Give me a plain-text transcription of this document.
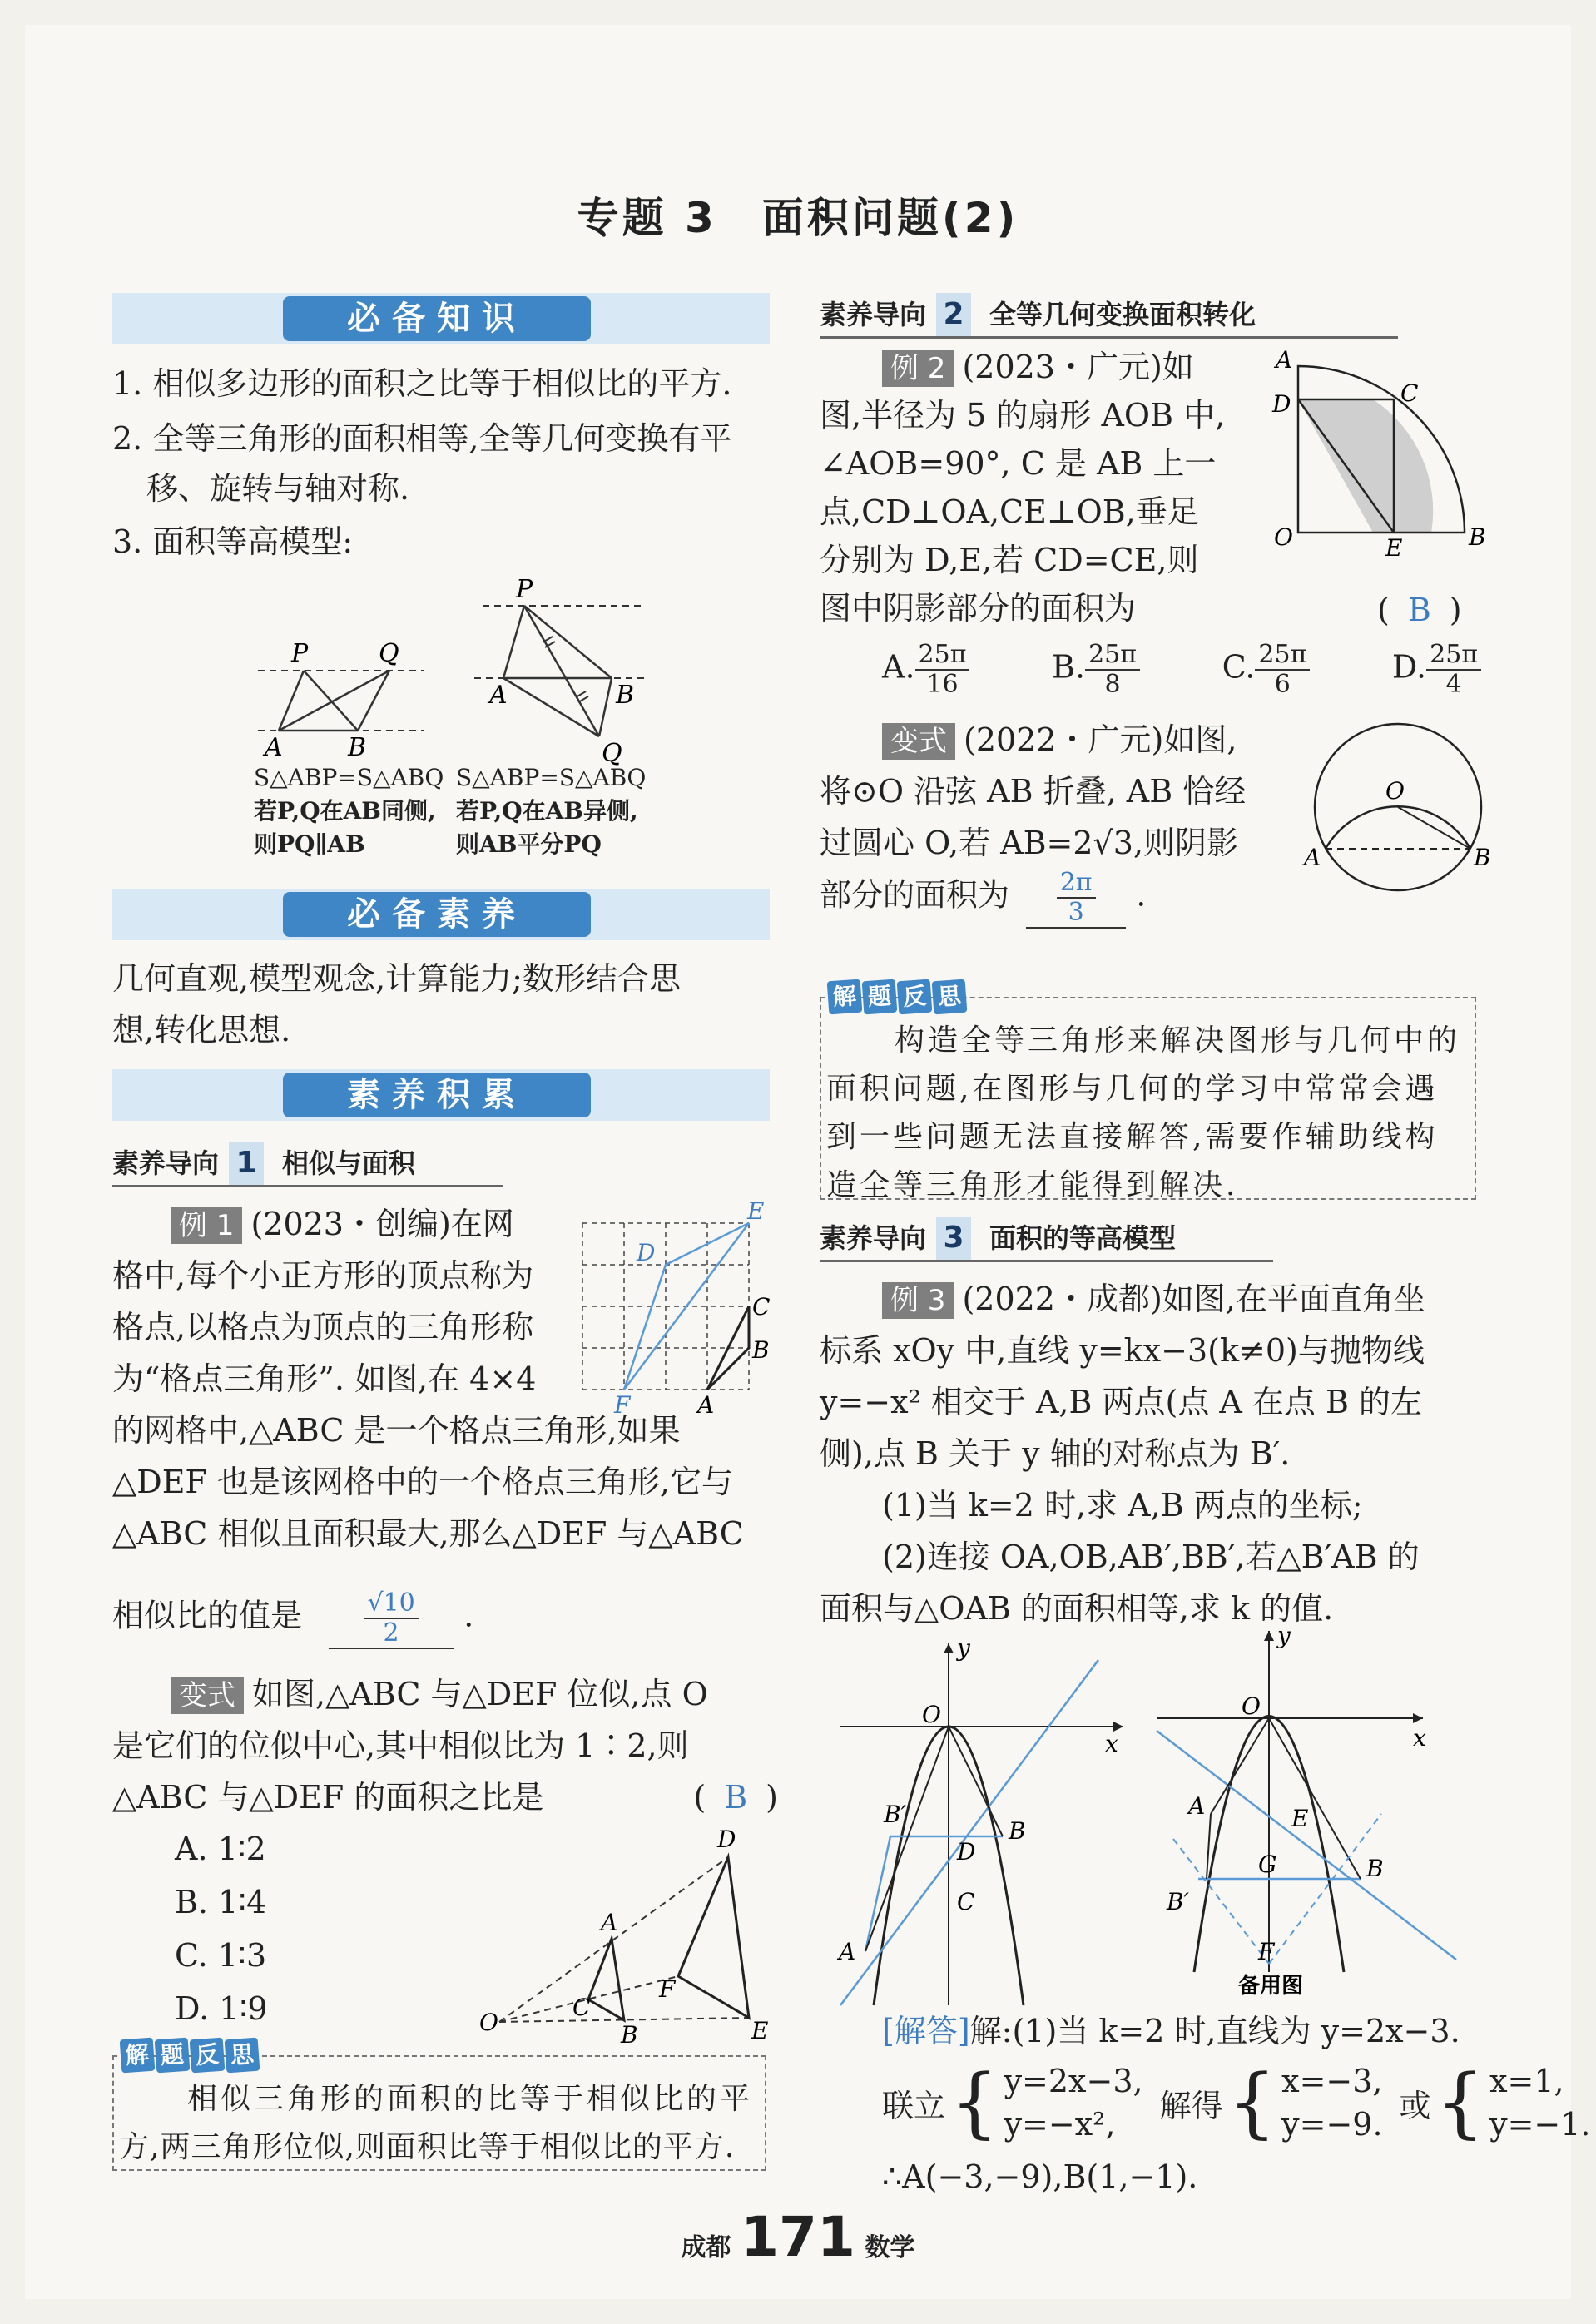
专题 3　面积问题(2)
必备知识
1. 相似多边形的面积之比等于相似比的平方.
2. 全等三角形的面积相等,全等几何变换有平
移、旋转与轴对称.
3. 面积等高模型:
P	Q
A	B
P
A	B
Q
S△ABP=S△ABQ
若P,Q在AB同侧,
则PQ∥AB
S△ABP=S△ABQ
若P,Q在AB异侧,
则AB平分PQ
必备素养
几何直观,模型观念,计算能力;数形结合思
想,转化思想.
素养积累
素养导向 1 相似与面积
例 1 (2023・创编)在网
格中,每个小正方形的顶点称为
格点,以格点为顶点的三角形称
为“格点三角形”. 如图,在 4×4
的网格中,△ABC 是一个格点三角形,如果
△DEF 也是该网格中的一个格点三角形,它与
△ABC 相似且面积最大,那么△DEF 与△ABC
相似比的值是 $\frac{√10}{2}$ .
D
E
C
B
F	A
变式 如图,△ABC 与△DEF 位似,点 O
是它们的位似中心,其中相似比为 1∶2,则
△ABC 与△DEF 的面积之比是	( B )
A. 1∶2
B. 1∶4
C. 1∶3
D. 1∶9
D
E
F
A
C
B
O
解 题 反 思
相似三角形的面积的比等于相似比的平
方,两三角形位似,则面积比等于相似比的平方.
素养导向 2 全等几何变换面积转化
例 2 (2023・广元)如
图,半径为 5 的扇形 AOB 中,
∠AOB=90°, C 是 AB 上一
点,CD⊥OA,CE⊥OB,垂足
分别为 D,E,若 CD=CE,则
图中阴影部分的面积为	( B )
A. $\frac{25\pi}{16}$	B. $\frac{25\pi}{8}$	C. $\frac{25\pi}{6}$	D. $\frac{25\pi}{4}$
A
D	C
O	E	B
变式 (2022・广元)如图,
将⊙O 沿弦 AB 折叠, AB 恰经
过圆心 O,若 AB=2√3,则阴影
部分的面积为 $\frac{2\pi}{3}$ .
O
A	B
解 题 反 思
构造全等三角形来解决图形与几何中的
面积问题,在图形与几何的学习中常常会遇
到一些问题无法直接解答,需要作辅助线构
造全等三角形才能得到解决.
素养导向 3 面积的等高模型
例 3 (2022・成都)如图,在平面直角坐
标系 xOy 中,直线 y=kx−3(k≠0)与抛物线
y=−x² 相交于 A,B 两点(点 A 在点 B 的左
侧),点 B 关于 y 轴的对称点为 B′.
(1)当 k=2 时,求 A,B 两点的坐标;
(2)连接 OA,OB,AB′,BB′,若△B′AB 的
面积与△OAB 的面积相等,求 k 的值.
y
x
O
B′
D
B
C
A
y
x
O
A	E
G	B
B′
F
备用图
[解答]解:(1)当 k=2 时,直线为 y=2x−3.
联立 { y=2x−3,
y=−x²,
解得 { x=−3,
y=−9.
或 { x=1,
y=−1.
∴A(−3,−9),B(1,−1).
成都 171 数学
